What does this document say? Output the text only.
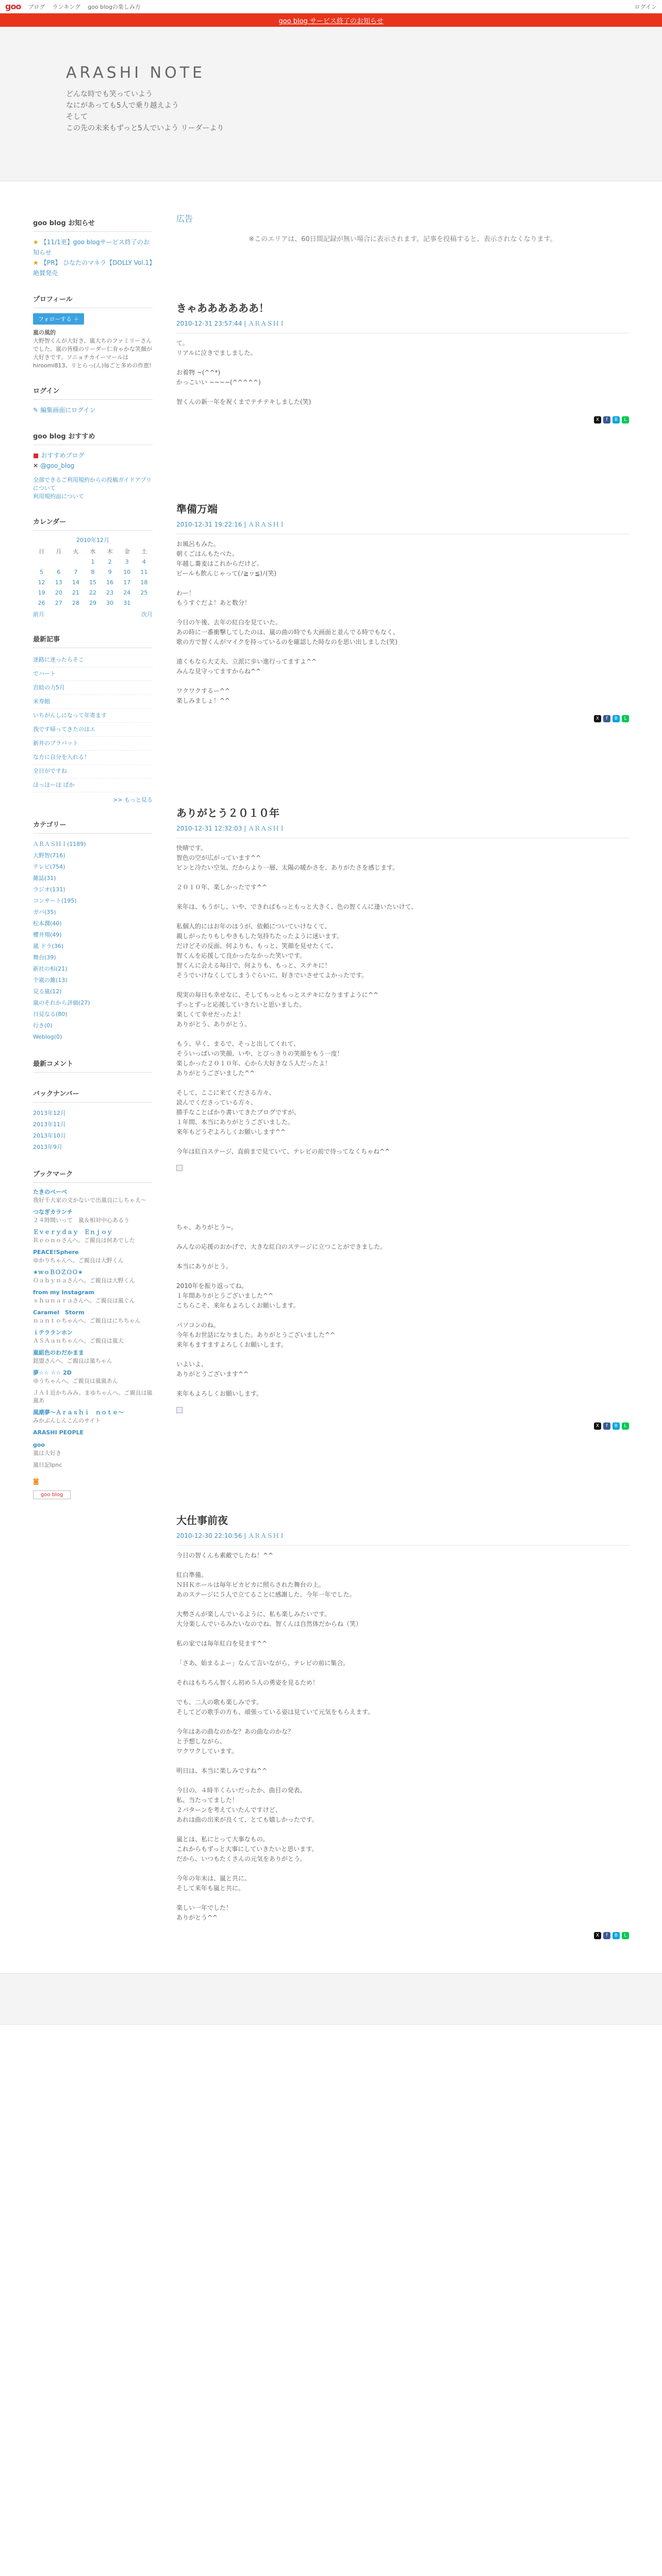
goo ブログ ランキング goo blogの楽しみ方	ログイン
goo blog サービス終了のお知らせ
ARASHI NOTE
どんな時でも笑っていよう
なにがあっても5人で乗り越えよう
そして
この先の未来もずっと5人でいよう リーダーより
goo blog お知らせ
★ 【11/1更】goo blogサービス終了のお知らせ
★ 【PR】 ひなたのマネラ【DOLLY Vol.1】絶賛発売
プロフィール
フォローする ＋
嵐の風的
大野智くんが大好き、嵐大ちのファミリーさんでした。嵐の皆様のリーダー仁肯ゃかな笑顔が大好きです。ソニョチカイーマールはhiroomi813、リとらっ(ん)毎ごと多めの作恵!
ログイン
✎ 編集画面にログイン
goo blog おすすめ
■ おすすめブログ
✕ @goo_blog
全部できるご利用規約からの投稿ガイドアプリについて
利用規約面について
カレンダー
2010年12月
日	月	火	水	木	金	土
			1	2	3	4
5	6	7	8	9	10	11
12	13	14	15	16	17	18
19	20	21	22	23	24	25
26	27	28	29	30	31	
前月	次月
最新記事
迷路に迷ったらそこ
でハート
岩絵の力5月
米寿館
いちがんしになって年寄ます
我です帰ってきたのはエ
新井のブラバット
な方に自分を入れる！
全日がですね
ほっほーほ ばか
>> もっと見る
カテゴリー
ＡＲＡＳＨＩ(1189)
大野智(716)
テレビ(754)
雑誌(31)
ラジオ(131)
コンサート(195)
ガバ(35)
松本潤(40)
櫻井翔(49)
嵐 ドラ(36)
舞台(39)
新社の相(21)
个嵐の雑(13)
見る嵐(12)
嵐のそれから評価(27)
日見なる(80)
行き(0)
Weblog(0)
最新コメント
バックナンバー
2013年12月
2013年11月
2013年10月
2013年9月
ブックマーク
たきのべーべ
我好千大家の文かないで出嵐良にしちゃえ～
つなぎカランチ
２４時間いって　嵐＆相対中心あるう
Ｅｖｅｒｙｄａｙ　Ｅｎｊｏｙ
Ｒｅｏｎｏさんへ。ご親良は何あでした
PEACE!Sphere
ゆかりちゃんへ。ご親良は大野くん
★ｗｏＢＯＺＯＯ★
Ｏａｂｙｎａさんへ。ご親良は大野くん
from my Instagram
ｓｈｕｎａｒａさんへ。ご親良は嵐ぐん
Caramel　Storm
ｎａｎｔｏちゃんへ。ご親良はにちちゃん
ｉテラランホン
ＡＳＡａｎちゃんへ。ご親良は嵐大
嵐組色のわだかまま
銘盟さんへ。ご親良は嵐ちゃん
夢☆☆ ☆☆ 2D
ゆうちゃんへ。ご親良は嵐嵐あん
ＪＡＩ近かちみみ。まゆちゃんへ。ご親良は嵐嵐あ
風潮夢～Ａｒａｓｈｉ　ｎｏｔｅ～
みかぶんしんこんのサイト
ARASHI PEOPLE
goo
嵐は大好き
嵐日記Ipnc
◙
goo blog
広告
※このエリアは、60日間記録が無い場合に表示されます。記事を投稿すると、表示されなくなります。
きゃああああああ！
2010-12-31 23:57:44 | ＡＲＡＳＨＩ
て。
リアルに泣きでましました。

お着物 ~(^^*)
かっこいい ~~~~(^^^^^)

智くんの新一年を祝くまでテチテキしました(笑)
X	f	B	L
準備万端
2010-12-31 19:22:16 | ＡＲＡＳＨＩ
お風呂もみた。
朝くごはんもたべた。
年越し蕎麦はこれからだけど。
ビールも飲んじゃって(ﾉ≧ヮ≦)ﾉ(笑)

わー！
もうすぐだよ！あと数分！

今日の午後、去年の紅白を見ていた。
あの時に一番衝撃してしたのは、嵐の曲の時でも大画面と並んでる時でもなく、
歌の方で智くんがマイクを持っているのを確認した時なのを思い出しました(笑)

遠くもなら大丈夫、立派に歩い進行ってますよ^^
みんな見守ってますからね^^

ワクワクするー^^
楽しみましょ！^^
X	f	B	L
ありがとう２０１０年
2010-12-31 12:32:03 | ＡＲＡＳＨＩ
快晴です。
智色の空が広がっています^^
ピンと冷たい空気、だからより一層、太陽の暖かさを、ありがたさを感じます。

２０１０年、楽しかったです^^

来年は、もうがし、いや、できればもっともっと大きく、色の智くんに逢いたいけて。

私個人的にはお年のほうが、依頼についていけなくて、
親しがったりもしやきもした気持ちたったように迷います。
だけどその反面、何よりも、もっと、笑顔を見せたくて、
智くんを応援して良かったなかった笑いです。
智くんに会える毎日で、何よりも、もっと、ステキに！
そうでいけなくしてしまうぐらいに、好きでいさせてよかったです。

現実の毎日も幸せなに、そしてもっともっとステキになりますように^^
ずっとずっと応援していきたいと思いました。
楽しくて幸せだったよ！
ありがとう、ありがとう。

もう、早く、まるで、そっと出してくれて、
そういっぱいの笑顔、いや、とびっきりの笑顔をもう一度！
楽しかった２０１０年、心から大好きな５人だったよ！
ありがとうございました^^

そして、ここに来てくださる方々、
読んでくださっている方々、
勝手なことばかり書いてきたブログですが、
１年間、本当にありがとうございました。
来年もどうぞよろしくお願いします^^

今年は紅白ステージ、直前まで見ていて、テレビの前で待ってなくちゃね^^
ちゃ、ありがとう~。

みんなの応援のおかげで、大きな紅白のステージに立つことができました。

本当にありがとう。

2010年を振り返ってね。
１年間ありがとうございました^^
こちらこそ、来年もよろしくお願いします。

パソコンのね。
今年もお世話になりました。ありがとうございました^^
来年もますますよろしくお願いします。

いよいよ、
ありがとうございます^^

来年もよろしくお願いします。
X	f	B	L
大仕事前夜
2010-12-30 22:10:56 | ＡＲＡＳＨＩ
今日の智くんも素敵でしたね！^^

紅白準備。
ＮＨＫホールは毎年ピカピカに照らされた舞台の上。
あのステージに５人で立てることに感謝した、今年一年でした。

大勢さんが楽しんでいるように、私も楽しみたいです。
大分楽しんでいるみたいなのでね、智くんは自然体だからね（笑）

私の家では毎年紅白を見ます^^

「さあ、始まるよー」なんて言いながら、テレビの前に集合。

それはもちろん智くん初め５人の勇姿を見るため！

でも、二人の歌も楽しみです。
そしてどの歌手の方も、頑張っている姿は見ていて元気をもらえます。

今年はあの曲なのかな？あの曲なのかな？
と予想しながら、
ワクワクしています。

明日は、本当に楽しみですね^^

今日の、４時半くらいだったか、曲目の発表。
私、当たってました！
２パターンを考えていたんですけど、
あれは曲の出来が良くて、とても嬉しかったです。

嵐とは、私にとって大事なもの。
これからもずっと大事にしていきたいと思います。
だから、いつもたくさんの元気をありがとう。

今年の年末は、嵐と共に。
そして来年も嵐と共に。

楽しい一年でした！
ありがとう^^
X	f	B	L
